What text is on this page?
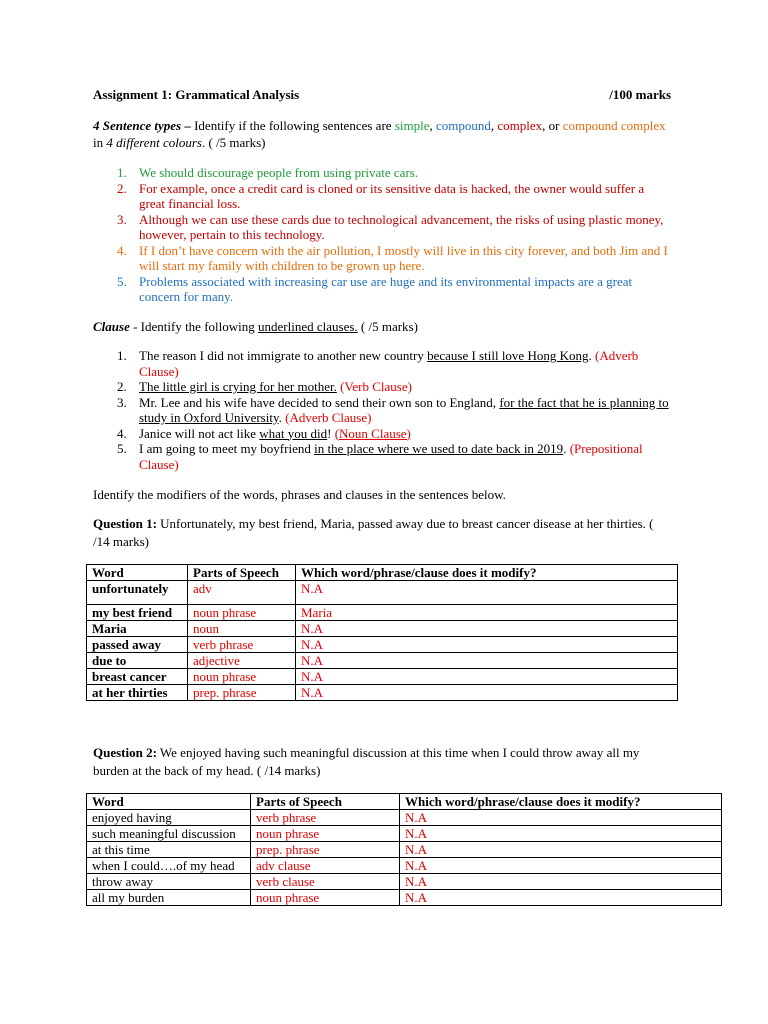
Assignment 1: Grammatical Analysis	/100 marks

4 Sentence types – Identify if the following sentences are simple, compound, complex, or compound complex in 4 different colours. ( /5 marks)

1. We should discourage people from using private cars.
2. For example, once a credit card is cloned or its sensitive data is hacked, the owner would suffer a great financial loss.
3. Although we can use these cards due to technological advancement, the risks of using plastic money, however, pertain to this technology.
4. If I don’t have concern with the air pollution, I mostly will live in this city forever, and both Jim and I will start my family with children to be grown up here.
5. Problems associated with increasing car use are huge and its environmental impacts are a great concern for many.

Clause - Identify the following underlined clauses. ( /5 marks)

1. The reason I did not immigrate to another new country because I still love Hong Kong. (Adverb Clause)
2. The little girl is crying for her mother. (Verb Clause)
3. Mr. Lee and his wife have decided to send their own son to England, for the fact that he is planning to study in Oxford University. (Adverb Clause)
4. Janice will not act like what you did! (Noun Clause)
5. I am going to meet my boyfriend in the place where we used to date back in 2019. (Prepositional Clause)

Identify the modifiers of the words, phrases and clauses in the sentences below.

Question 1: Unfortunately, my best friend, Maria, passed away due to breast cancer disease at her thirties. ( /14 marks)

Word	Parts of Speech	Which word/phrase/clause does it modify?
unfortunately	adv	N.A
my best friend	noun phrase	Maria
Maria	noun	N.A
passed away	verb phrase	N.A
due to	adjective	N.A
breast cancer	noun phrase	N.A
at her thirties	prep. phrase	N.A

Question 2: We enjoyed having such meaningful discussion at this time when I could throw away all my burden at the back of my head. ( /14 marks)

Word	Parts of Speech	Which word/phrase/clause does it modify?
enjoyed having	verb phrase	N.A
such meaningful discussion	noun phrase	N.A
at this time	prep. phrase	N.A
when I could….of my head	adv clause	N.A
throw away	verb clause	N.A
all my burden	noun phrase	N.A
